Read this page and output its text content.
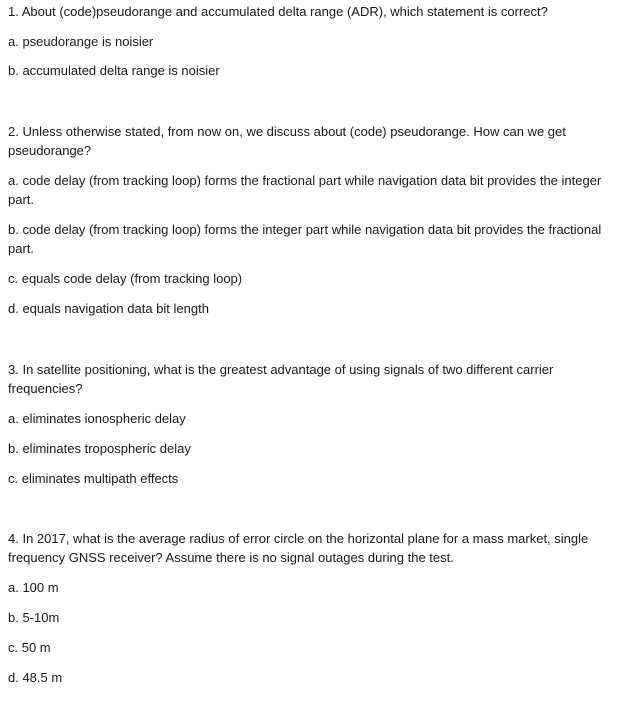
1. About (code)pseudorange and accumulated delta range (ADR), which statement is correct?
a. pseudorange is noisier
b. accumulated delta range is noisier
2. Unless otherwise stated, from now on, we discuss about (code) pseudorange. How can we get pseudorange?
a. code delay (from tracking loop) forms the fractional part while navigation data bit provides the integer part.
b. code delay (from tracking loop) forms the integer part while navigation data bit provides the fractional part.
c. equals code delay (from tracking loop)
d. equals navigation data bit length
3. In satellite positioning, what is the greatest advantage of using signals of two different carrier frequencies?
a. eliminates ionospheric delay
b. eliminates tropospheric delay
c. eliminates multipath effects
4. In 2017, what is the average radius of error circle on the horizontal plane for a mass market, single frequency GNSS receiver? Assume there is no signal outages during the test.
a. 100 m
b. 5-10m
c. 50 m
d. 48.5 m
